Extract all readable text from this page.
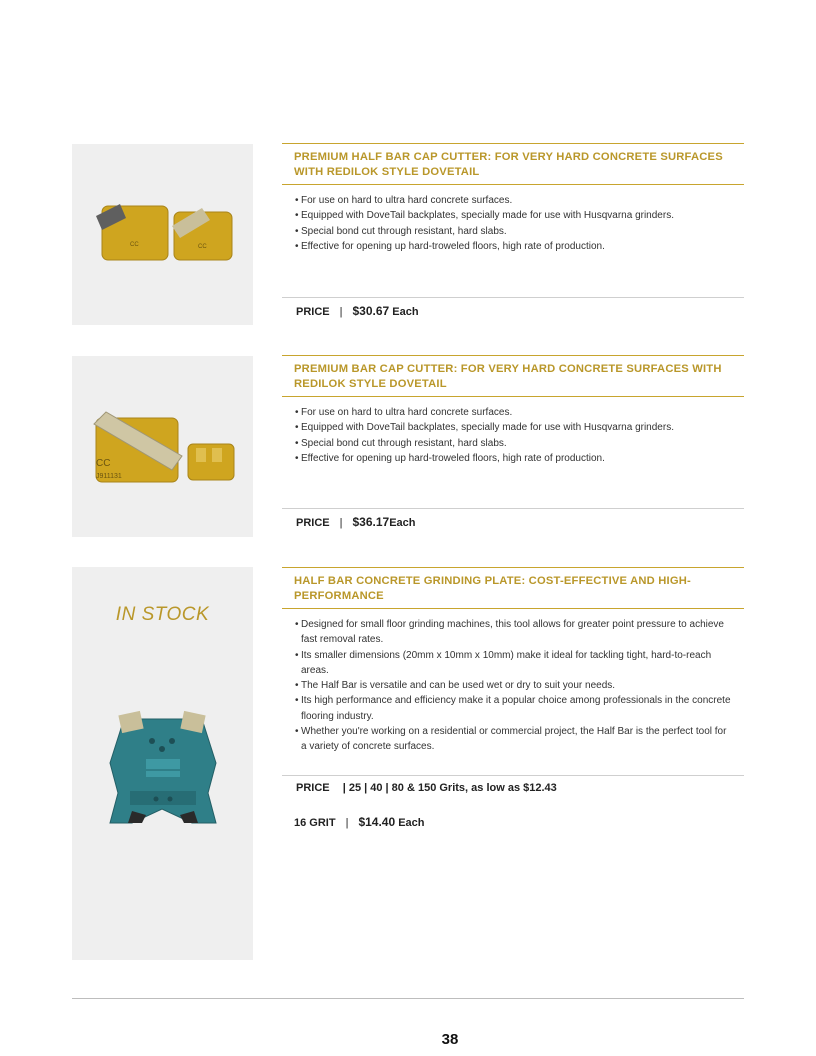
CC	CC
PREMIUM HALF BAR CAP CUTTER: FOR VERY HARD CONCRETE SURFACES WITH REDILOK STYLE DOVETAIL
• For use on hard to ultra hard concrete surfaces.
• Equipped with DoveTail backplates, specially made for use with Husqvarna grinders.
• Special bond cut through resistant, hard slabs.
• Effective for opening up hard-troweled floors, high rate of production.
PRICE | $30.67 Each
CC
J911131
PREMIUM BAR CAP CUTTER: FOR VERY HARD CONCRETE SURFACES WITH REDILOK STYLE DOVETAIL
• For use on hard to ultra hard concrete surfaces.
• Equipped with DoveTail backplates, specially made for use with Husqvarna grinders.
• Special bond cut through resistant, hard slabs.
• Effective for opening up hard-troweled floors, high rate of production.
PRICE | $36.17Each
IN STOCK
HALF BAR CONCRETE GRINDING PLATE: COST-EFFECTIVE AND HIGH-PERFORMANCE
• Designed for small floor grinding machines, this tool allows for greater point pressure to achieve fast removal rates.
• Its smaller dimensions (20mm x 10mm x 10mm) make it ideal for tackling tight, hard-to-reach areas.
• The Half Bar is versatile and can be used wet or dry to suit your needs.
• Its high performance and efficiency make it a popular choice among professionals in the concrete flooring industry.
• Whether you're working on a residential or commercial project, the Half Bar is the perfect tool for a variety of concrete surfaces.
PRICE | 25 | 40 | 80 & 150 Grits, as low as $12.43
16 GRIT | $14.40 Each
38
